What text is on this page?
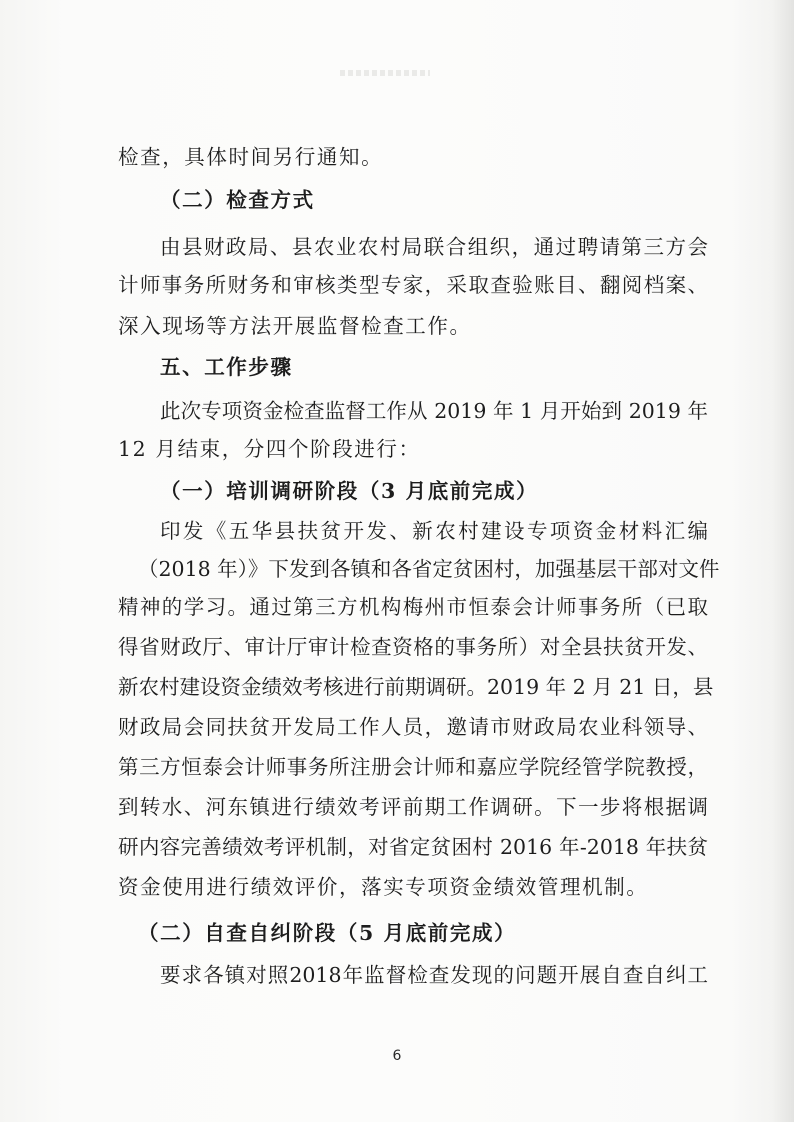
检查，具体时间另行通知。
（二）检查方式
由县财政局、县农业农村局联合组织，通过聘请第三方会
计师事务所财务和审核类型专家，采取查验账目、翻阅档案、
深入现场等方法开展监督检查工作。
五、工作步骤
此次专项资金检查监督工作从 2019 年 1 月开始到 2019 年
12 月结束，分四个阶段进行：
（一）培训调研阶段（3 月底前完成）
印发《五华县扶贫开发、新农村建设专项资金材料汇编
（2018 年）》下发到各镇和各省定贫困村，加强基层干部对文件
精神的学习。通过第三方机构梅州市恒泰会计师事务所（已取
得省财政厅、审计厅审计检查资格的事务所）对全县扶贫开发、
新农村建设资金绩效考核进行前期调研。2019 年 2 月 21 日，县
财政局会同扶贫开发局工作人员，邀请市财政局农业科领导、
第三方恒泰会计师事务所注册会计师和嘉应学院经管学院教授，
到转水、河东镇进行绩效考评前期工作调研。下一步将根据调
研内容完善绩效考评机制，对省定贫困村 2016 年-2018 年扶贫
资金使用进行绩效评价，落实专项资金绩效管理机制。
（二）自查自纠阶段（5 月底前完成）
要求各镇对照2018年监督检查发现的问题开展自查自纠工
6
